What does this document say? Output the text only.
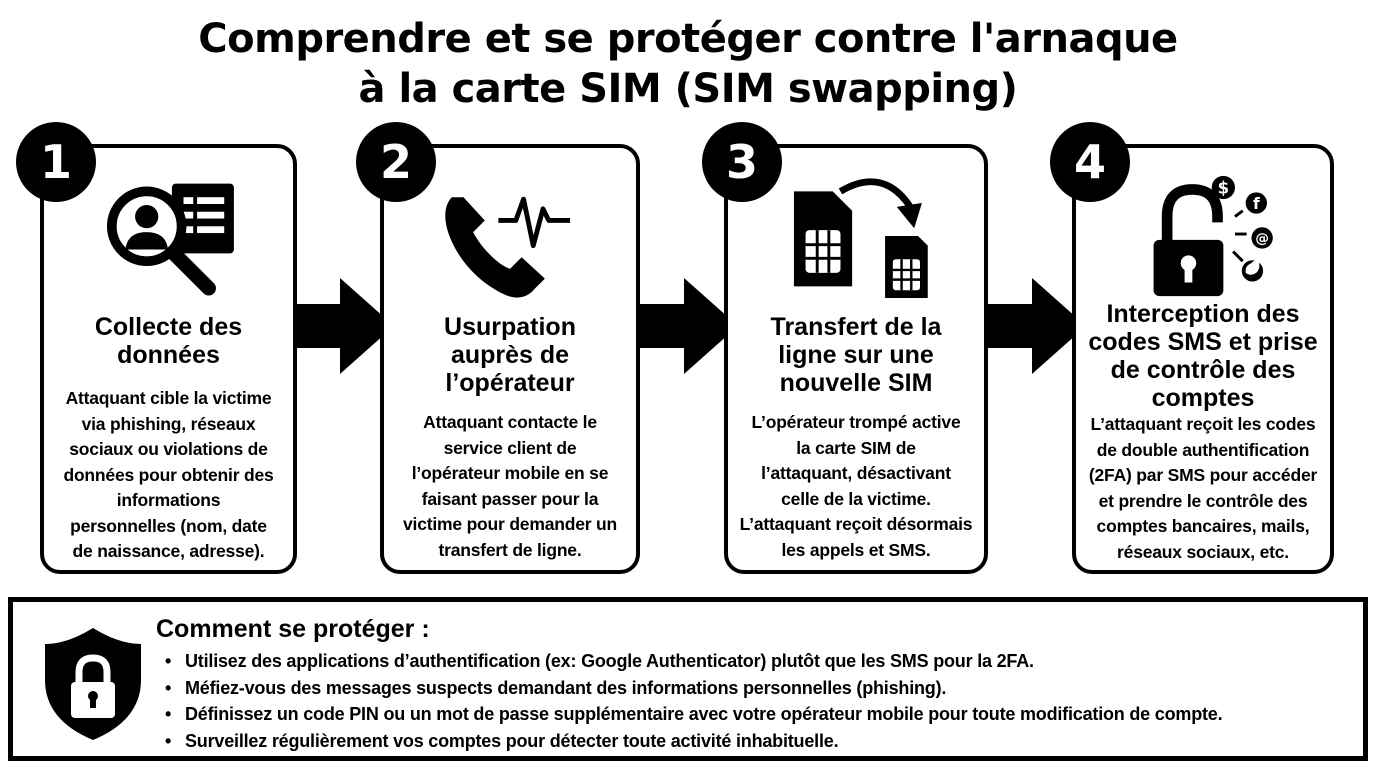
Comprendre et se protéger contre l'arnaque
à la carte SIM (SIM swapping)
Collecte des
données
Attaquant cible la victime
via phishing, réseaux
sociaux ou violations de
données pour obtenir des
informations
personnelles (nom, date
de naissance, adresse).
1
Usurpation
auprès de
l’opérateur
Attaquant contacte le
service client de
l’opérateur mobile en se
faisant passer pour la
victime pour demander un
transfert de ligne.
2
Transfert de la
ligne sur une
nouvelle SIM
L’opérateur trompé active
la carte SIM de
l’attaquant, désactivant
celle de la victime.
L’attaquant reçoit désormais
les appels et SMS.
3	$
f
@
Interception des
codes SMS et prise
de contrôle des
comptes
L’attaquant reçoit les codes
de double authentification
(2FA) par SMS pour accéder
et prendre le contrôle des
comptes bancaires, mails,
réseaux sociaux, etc.
4
Comment se protéger :
• Utilisez des applications d’authentification (ex: Google Authenticator) plutôt que les SMS pour la 2FA.
• Méfiez-vous des messages suspects demandant des informations personnelles (phishing).
• Définissez un code PIN ou un mot de passe supplémentaire avec votre opérateur mobile pour toute modification de compte.
• Surveillez régulièrement vos comptes pour détecter toute activité inhabituelle.
